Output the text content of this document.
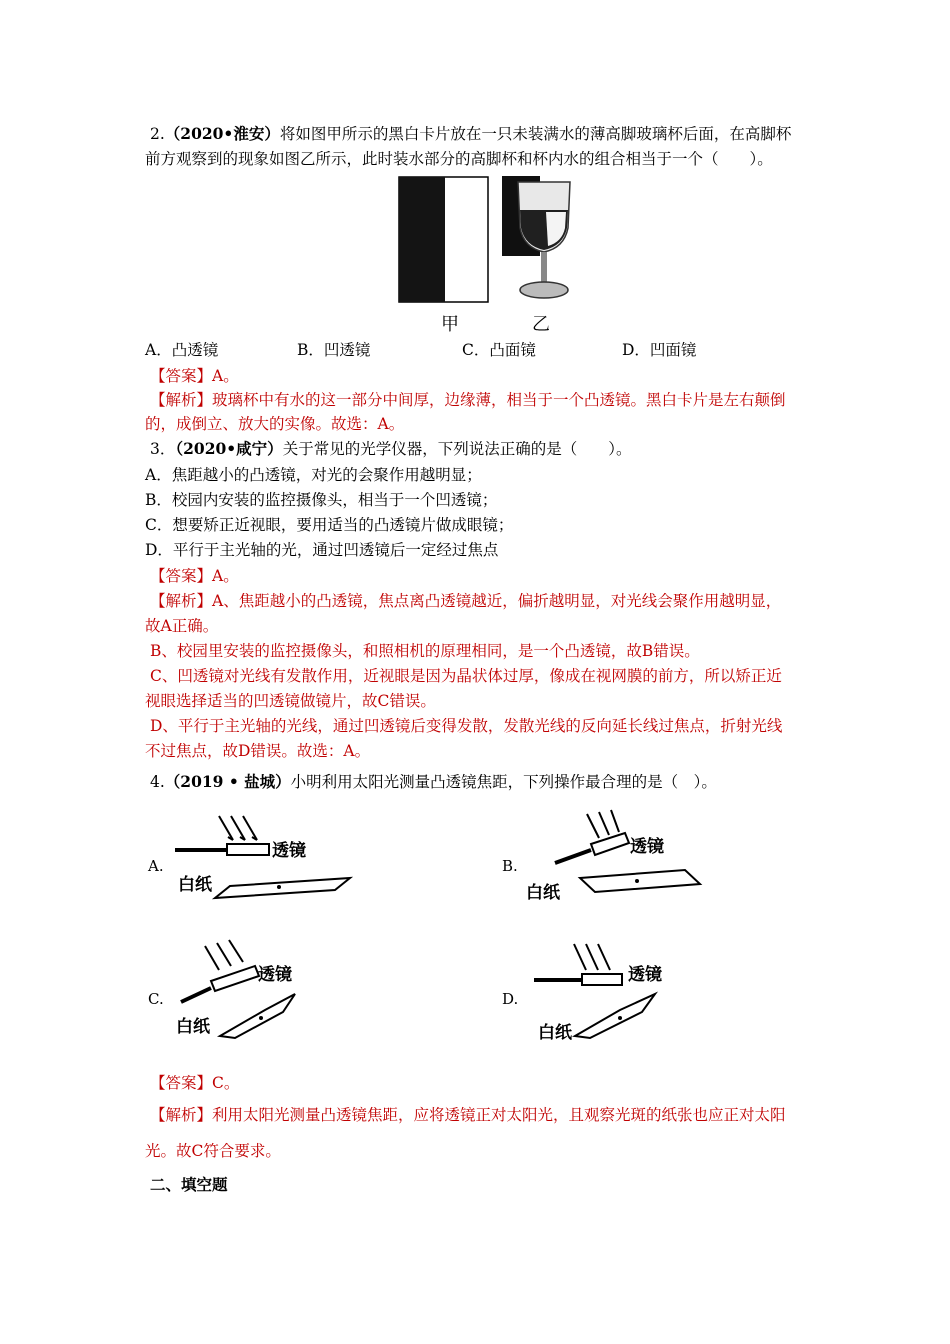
2.（2020•淮安）将如图甲所示的黑白卡片放在一只未装满水的薄高脚玻璃杯后面，在高脚杯
前方观察到的现象如图乙所示，此时装水部分的高脚杯和杯内水的组合相当于一个（　　）。
甲	乙
A．凸透镜	B．凹透镜	C．凸面镜	D．凹面镜
【答案】A。
【解析】玻璃杯中有水的这一部分中间厚，边缘薄，相当于一个凸透镜。黑白卡片是左右颠倒
的，成倒立、放大的实像。故选：A。
3．（2020•咸宁）关于常见的光学仪器，下列说法正确的是（　　）。
A．焦距越小的凸透镜，对光的会聚作用越明显；
B．校园内安装的监控摄像头，相当于一个凹透镜；
C．想要矫正近视眼，要用适当的凸透镜片做成眼镜；
D．平行于主光轴的光，通过凹透镜后一定经过焦点
【答案】A。
【解析】A、焦距越小的凸透镜，焦点离凸透镜越近，偏折越明显，对光线会聚作用越明显，
故A正确。
B、校园里安装的监控摄像头，和照相机的原理相同，是一个凸透镜，故B错误。
C、凹透镜对光线有发散作用，近视眼是因为晶状体过厚，像成在视网膜的前方，所以矫正近
视眼选择适当的凹透镜做镜片，故C错误。
D、平行于主光轴的光线，通过凹透镜后变得发散，发散光线的反向延长线过焦点，折射光线
不过焦点，故D错误。故选：A。
4.（2019 • 盐城）小明利用太阳光测量凸透镜焦距，下列操作最合理的是（　）。
A.
透镜
白纸
B.
透镜
白纸
C.
透镜
白纸
D.
透镜
白纸
【答案】C。
【解析】利用太阳光测量凸透镜焦距，应将透镜正对太阳光，且观察光斑的纸张也应正对太阳
光。故C符合要求。
二、填空题
